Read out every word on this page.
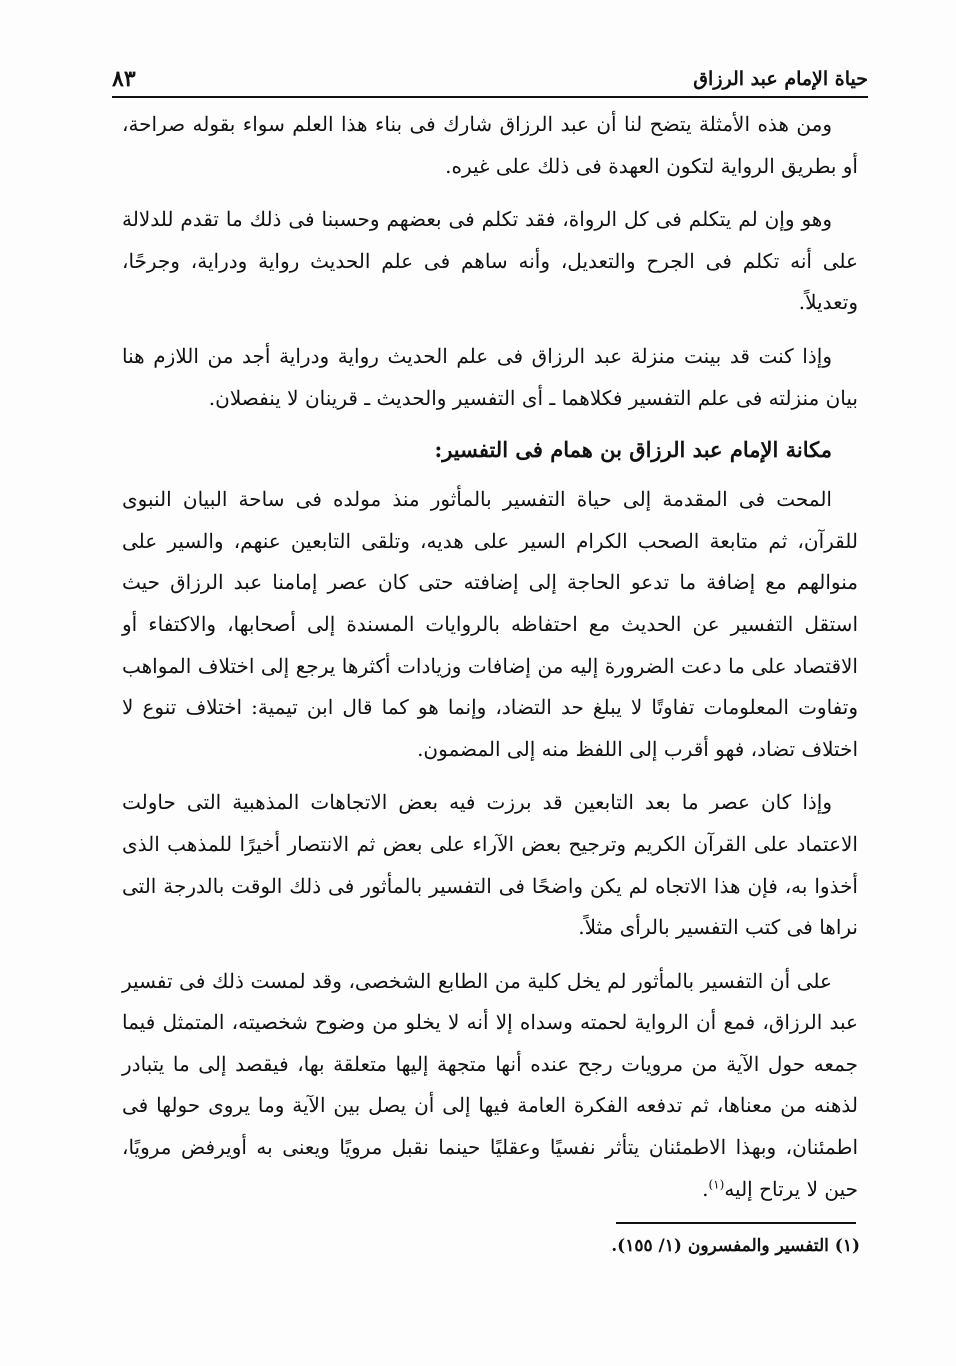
حياة الإمام عبد الرزاق
٨٣

ومن هذه الأمثلة يتضح لنا أن عبد الرزاق شارك فى بناء هذا العلم سواء بقوله صراحة، أو بطريق الرواية لتكون العهدة فى ذلك على غيره.

وهو وإن لم يتكلم فى كل الرواة، فقد تكلم فى بعضهم وحسبنا فى ذلك ما تقدم للدلالة على أنه تكلم فى الجرح والتعديل، وأنه ساهم فى علم الحديث رواية ودراية، وجرحًا، وتعديلاً.

وإذا كنت قد بينت منزلة عبد الرزاق فى علم الحديث رواية ودراية أجد من اللازم هنا بيان منزلته فى علم التفسير فكلاهما ـ أى التفسير والحديث ـ قرينان لا ينفصلان.

مكانة الإمام عبد الرزاق بن همام فى التفسير:

المحت فى المقدمة إلى حياة التفسير بالمأثور منذ مولده فى ساحة البيان النبوى للقرآن، ثم متابعة الصحب الكرام السير على هديه، وتلقى التابعين عنهم، والسير على منوالهم مع إضافة ما تدعو الحاجة إلى إضافته حتى كان عصر إمامنا عبد الرزاق حيث استقل التفسير عن الحديث مع احتفاظه بالروايات المسندة إلى أصحابها، والاكتفاء أو الاقتصاد على ما دعت الضرورة إليه من إضافات وزيادات أكثرها يرجع إلى اختلاف المواهب وتفاوت المعلومات تفاوتًا لا يبلغ حد التضاد، وإنما هو كما قال ابن تيمية: اختلاف تنوع لا اختلاف تضاد، فهو أقرب إلى اللفظ منه إلى المضمون.

وإذا كان عصر ما بعد التابعين قد برزت فيه بعض الاتجاهات المذهبية التى حاولت الاعتماد على القرآن الكريم وترجيح بعض الآراء على بعض ثم الانتصار أخيرًا للمذهب الذى أخذوا به، فإن هذا الاتجاه لم يكن واضحًا فى التفسير بالمأثور فى ذلك الوقت بالدرجة التى نراها فى كتب التفسير بالرأى مثلاً.

على أن التفسير بالمأثور لم يخل كلية من الطابع الشخصى، وقد لمست ذلك فى تفسير عبد الرزاق، فمع أن الرواية لحمته وسداه إلا أنه لا يخلو من وضوح شخصيته، المتمثل فيما جمعه حول الآية من مرويات رجح عنده أنها متجهة إليها متعلقة بها، فيقصد إلى ما يتبادر لذهنه من معناها، ثم تدفعه الفكرة العامة فيها إلى أن يصل بين الآية وما يروى حولها فى اطمئنان، وبهذا الاطمئنان يتأثر نفسيًا وعقليًا حينما نقبل مرويًا ويعنى به أويرفض مرويًا، حين لا يرتاح إليه$^{(١)}$.

(١) التفسير والمفسرون (١/ ١٥٥).
